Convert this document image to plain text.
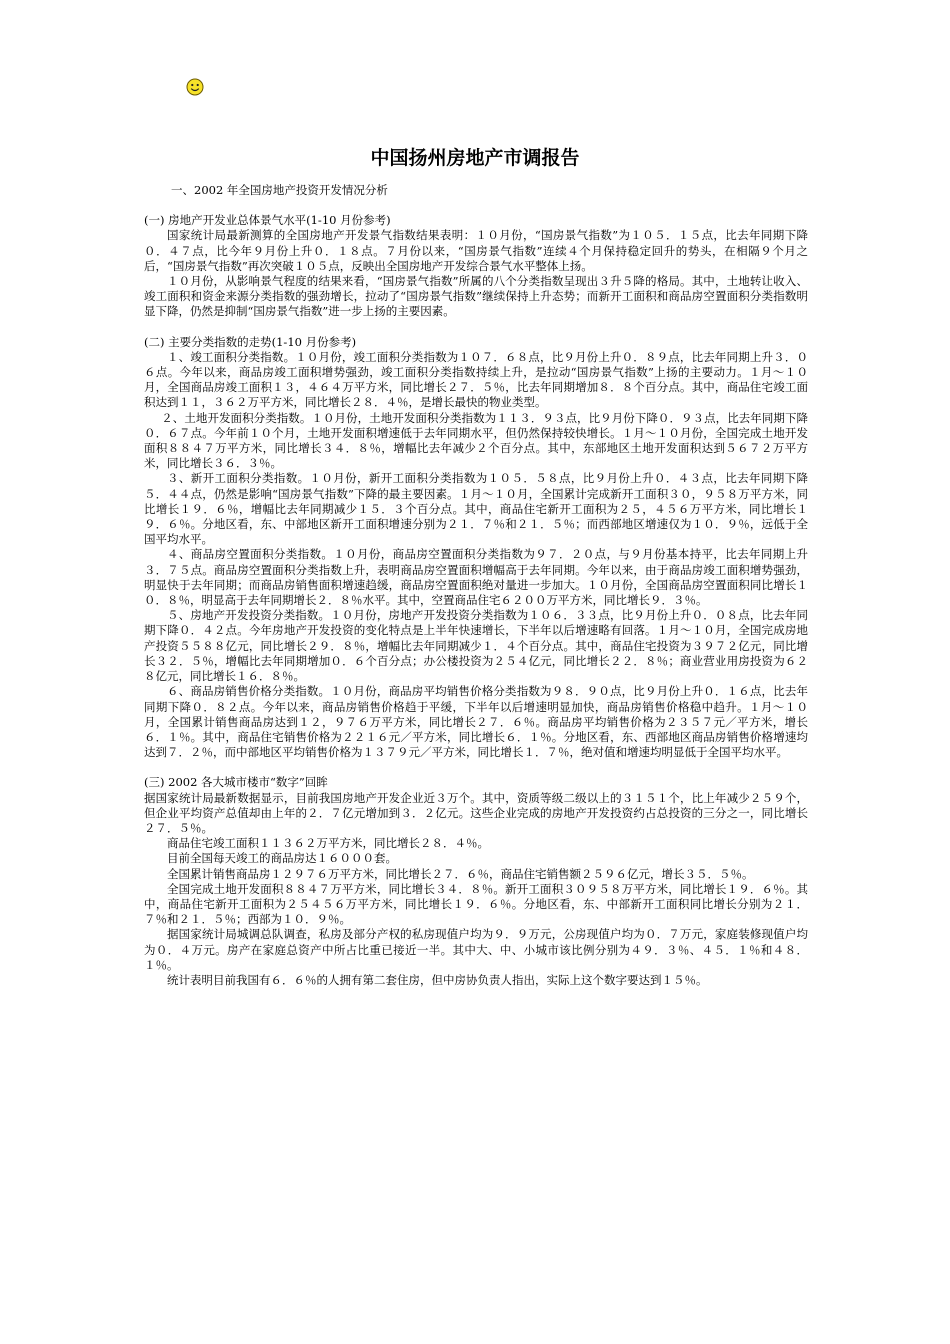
中国扬州房地产市调报告

一、2002 年全国房地产投资开发情况分析

(一) 房地产开发业总体景气水平(1-10 月份参考)

国家统计局最新测算的全国房地产开发景气指数结果表明：１０月份，“国房景气指数”为１０５．１５点，比去年同期下降０．４７点，比今年９月份上升０．１８点。７月份以来，“国房景气指数”连续４个月保持稳定回升的势头，在相隔９个月之后，“国房景气指数”再次突破１０５点，反映出全国房地产开发综合景气水平整体上扬。

１０月份，从影响景气程度的结果来看，“国房景气指数”所属的八个分类指数呈现出３升５降的格局。其中，土地转让收入、竣工面积和资金来源分类指数的强劲增长，拉动了“国房景气指数”继续保持上升态势；而新开工面积和商品房空置面积分类指数明显下降，仍然是抑制“国房景气指数”进一步上扬的主要因素。

(二) 主要分类指数的走势(1-10 月份参考)

１、竣工面积分类指数。１０月份，竣工面积分类指数为１０７．６８点，比９月份上升０．８９点，比去年同期上升３．０６点。今年以来，商品房竣工面积增势强劲，竣工面积分类指数持续上升，是拉动“国房景气指数”上扬的主要动力。１月～１０月，全国商品房竣工面积１３，４６４万平方米，同比增长２７．５％，比去年同期增加８．８个百分点。其中，商品住宅竣工面积达到１１，３６２万平方米，同比增长２８．４％，是增长最快的物业类型。

２、土地开发面积分类指数。１０月份，土地开发面积分类指数为１１３．９３点，比９月份下降０．９３点，比去年同期下降０．６７点。今年前１０个月，土地开发面积增速低于去年同期水平，但仍然保持较快增长。１月～１０月份，全国完成土地开发面积８８４７万平方米，同比增长３４．８％，增幅比去年减少２个百分点。其中，东部地区土地开发面积达到５６７２万平方米，同比增长３６．３％。

３、新开工面积分类指数。１０月份，新开工面积分类指数为１０５．５８点，比９月份上升０．４３点，比去年同期下降５．４４点，仍然是影响“国房景气指数”下降的最主要因素。１月～１０月，全国累计完成新开工面积３０，９５８万平方米，同比增长１９．６％，增幅比去年同期减少１５．３个百分点。其中，商品住宅新开工面积为２５，４５６万平方米，同比增长１９．６％。分地区看，东、中部地区新开工面积增速分别为２１．７％和２１．５％；而西部地区增速仅为１０．９％，远低于全国平均水平。

４、商品房空置面积分类指数。１０月份，商品房空置面积分类指数为９７．２０点，与９月份基本持平，比去年同期上升３．７５点。商品房空置面积分类指数上升，表明商品房空置面积增幅高于去年同期。今年以来，由于商品房竣工面积增势强劲，明显快于去年同期；而商品房销售面积增速趋缓，商品房空置面积绝对量进一步加大。１０月份，全国商品房空置面积同比增长１０．８％，明显高于去年同期增长２．８％水平。其中，空置商品住宅６２００万平方米，同比增长９．３％。

５、房地产开发投资分类指数。１０月份，房地产开发投资分类指数为１０６．３３点，比９月份上升０．０８点，比去年同期下降０．４２点。今年房地产开发投资的变化特点是上半年快速增长，下半年以后增速略有回落。１月～１０月，全国完成房地产投资５５８８亿元，同比增长２９．８％，增幅比去年同期减少１．４个百分点。其中，商品住宅投资为３９７２亿元，同比增长３２．５％，增幅比去年同期增加０．６个百分点；办公楼投资为２５４亿元，同比增长２２．８％；商业营业用房投资为６２８亿元，同比增长１６．８％。

６、商品房销售价格分类指数。１０月份，商品房平均销售价格分类指数为９８．９０点，比９月份上升０．１６点，比去年同期下降０．８２点。今年以来，商品房销售价格趋于平缓，下半年以后增速明显加快，商品房销售价格稳中趋升。１月～１０月，全国累计销售商品房达到１２，９７６万平方米，同比增长２７．６％。商品房平均销售价格为２３５７元／平方米，增长６．１％。其中，商品住宅销售价格为２２１６元／平方米，同比增长６．１％。分地区看，东、西部地区商品房销售价格增速均达到７．２％，而中部地区平均销售价格为１３７９元／平方米，同比增长１．７％，绝对值和增速均明显低于全国平均水平。

(三) 2002 各大城市楼市“数字”回眸

据国家统计局最新数据显示，目前我国房地产开发企业近３万个。其中，资质等级二级以上的３１５１个，比上年减少２５９个，但企业平均资产总值却由上年的２．７亿元增加到３．２亿元。这些企业完成的房地产开发投资约占总投资的三分之一，同比增长２７．５％。

商品住宅竣工面积１１３６２万平方米，同比增长２８．４％。

目前全国每天竣工的商品房达１６０００套。

全国累计销售商品房１２９７６万平方米，同比增长２７．６％，商品住宅销售额２５９６亿元，增长３５．５％。

全国完成土地开发面积８８４７万平方米，同比增长３４．８％。新开工面积３０９５８万平方米，同比增长１９．６％。其中，商品住宅新开工面积为２５４５６万平方米，同比增长１９．６％。分地区看，东、中部新开工面积同比增长分别为２１．７％和２１．５％；西部为１０．９％。

据国家统计局城调总队调查，私房及部分产权的私房现值户均为９．９万元，公房现值户均为０．７万元，家庭装修现值户均为０．４万元。房产在家庭总资产中所占比重已接近一半。其中大、中、小城市该比例分别为４９．３％、４５．１％和４８．１％。

统计表明目前我国有６．６％的人拥有第二套住房，但中房协负责人指出，实际上这个数字要达到１５％。
